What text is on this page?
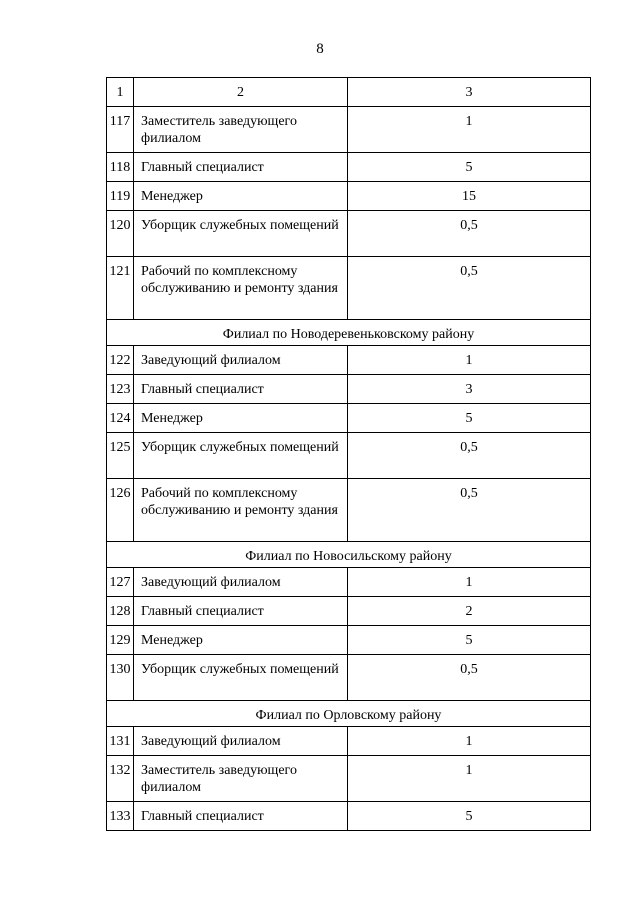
8
1	2	3
117	Заместитель заведующего филиалом	1
118	Главный специалист	5
119	Менеджер	15
120	Уборщик служебных помещений	0,5
121	Рабочий по комплексному обслуживанию и ремонту здания	0,5
Филиал по Новодеревеньковскому району		
122	Заведующий филиалом	1
123	Главный специалист	3
124	Менеджер	5
125	Уборщик служебных помещений	0,5
126	Рабочий по комплексному обслуживанию и ремонту здания	0,5
Филиал по Новосильскому району		
127	Заведующий филиалом	1
128	Главный специалист	2
129	Менеджер	5
130	Уборщик служебных помещений	0,5
Филиал по Орловскому району		
131	Заведующий филиалом	1
132	Заместитель заведующего филиалом	1
133	Главный специалист	5
